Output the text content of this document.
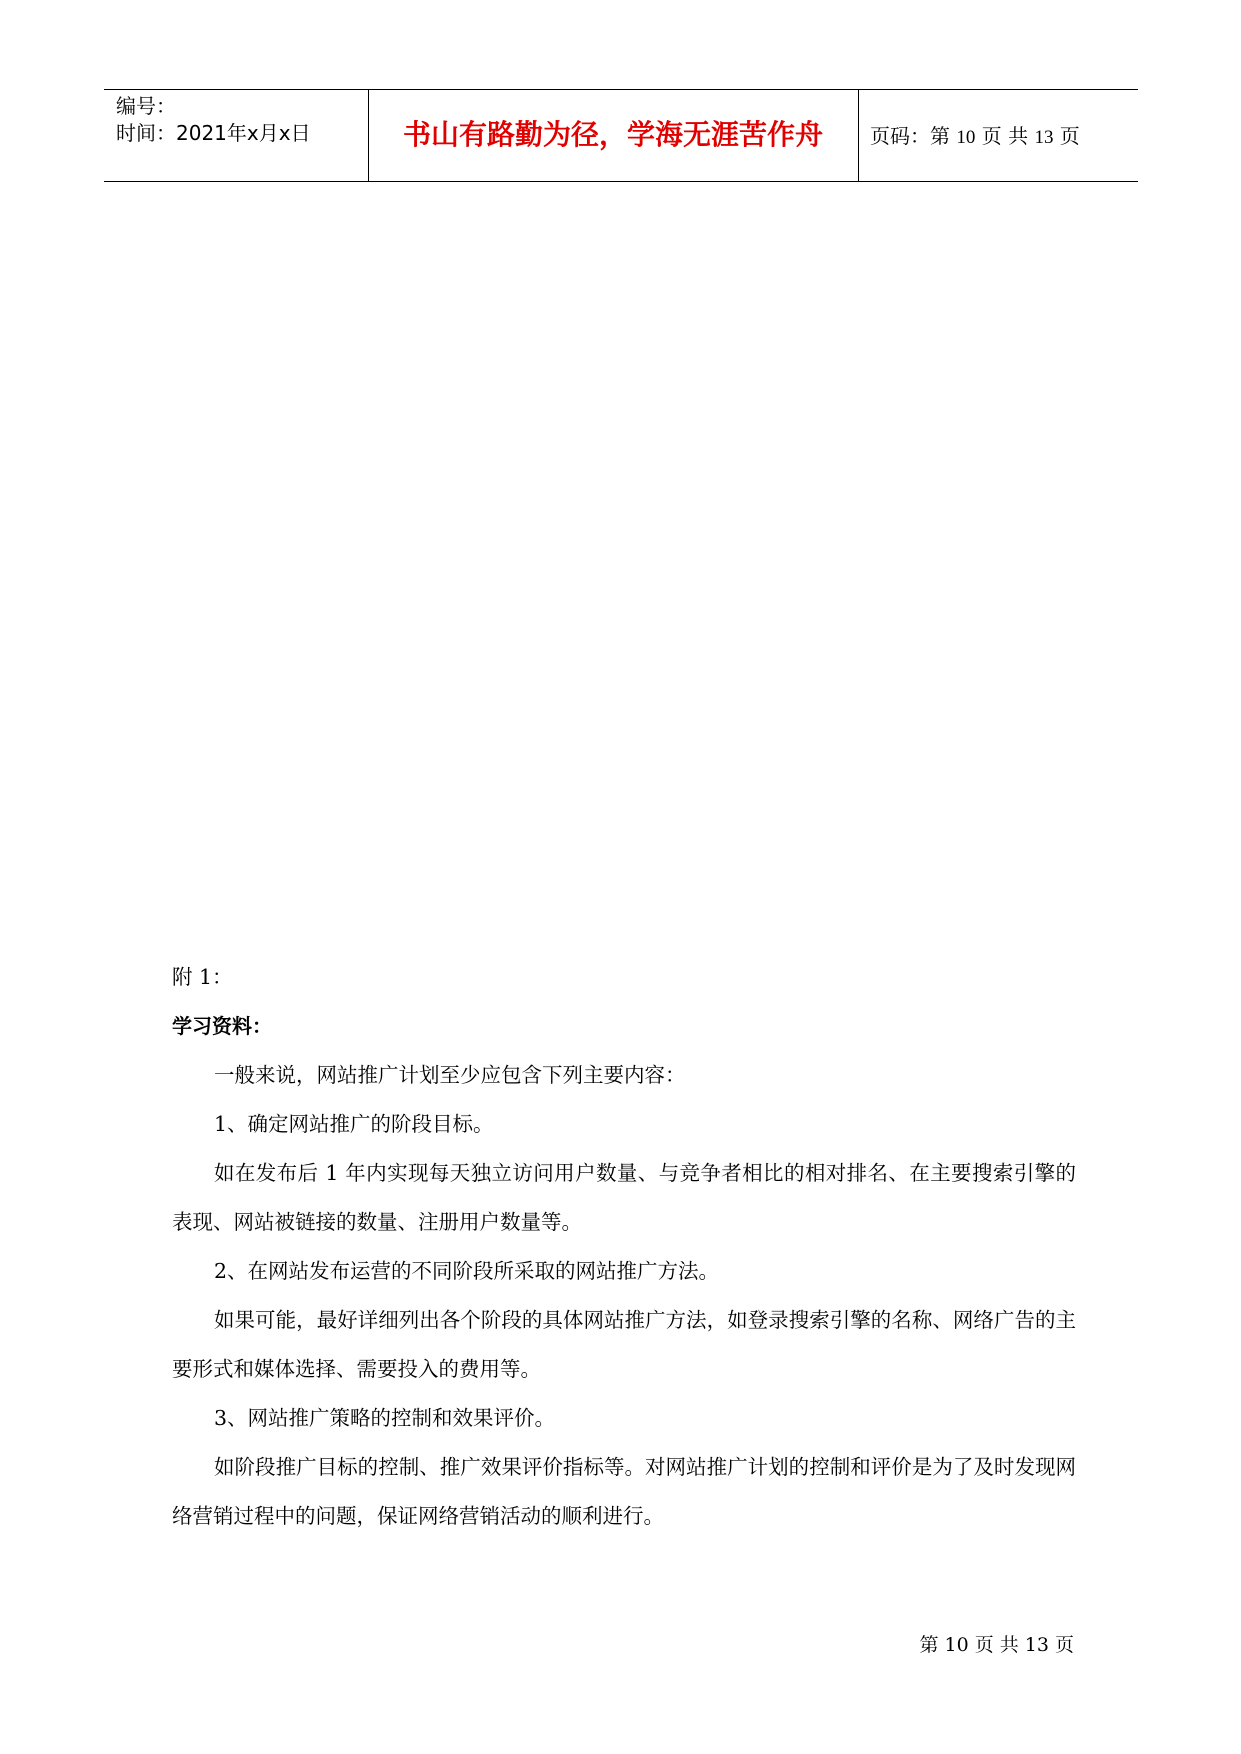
编号：
时间：2021年x月x日	书山有路勤为径，学海无涯苦作舟	页码：第 10 页 共 13 页

附 1：

学习资料：

一般来说，网站推广计划至少应包含下列主要内容：

1、确定网站推广的阶段目标。

如在发布后 1 年内实现每天独立访问用户数量、与竞争者相比的相对排名、在主要搜索引擎的表现、网站被链接的数量、注册用户数量等。

2、在网站发布运营的不同阶段所采取的网站推广方法。

如果可能，最好详细列出各个阶段的具体网站推广方法，如登录搜索引擎的名称、网络广告的主要形式和媒体选择、需要投入的费用等。

3、网站推广策略的控制和效果评价。

如阶段推广目标的控制、推广效果评价指标等。对网站推广计划的控制和评价是为了及时发现网络营销过程中的问题，保证网络营销活动的顺利进行。

第 10 页 共 13 页
